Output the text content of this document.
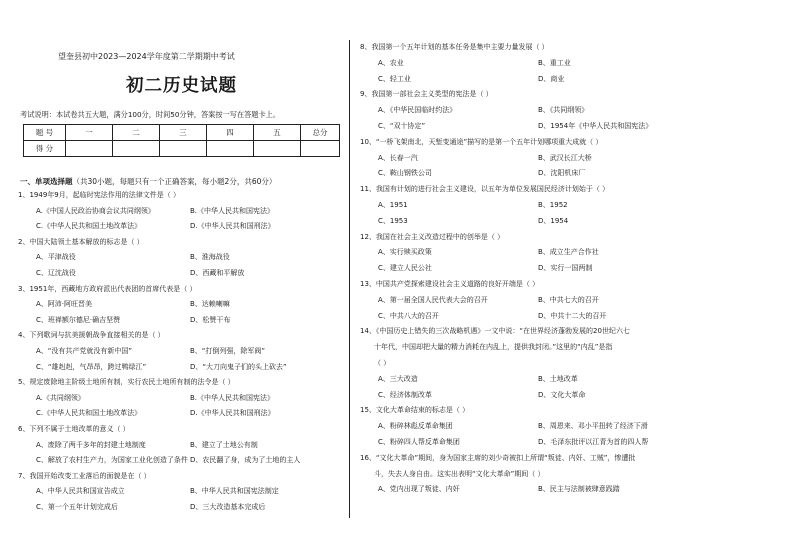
望奎县初中2023—2024学年度第二学期期中考试
初二历史试题
考试说明：本试卷共五大题，满分100分，时间50分钟，答案按一写在答题卡上。
题 号	一	二	三	四	五	总分
得 分						
一、单项选择题（共30小题，每题只有一个正确答案，每小题2分，共60分）
1、1949年9月，起临时宪法作用的法律文件是（ ）
A.《中国人民政治协商会议共同纲领》	B.《中华人民共和国宪法》
C.《中华人民共和国土地改革法》	D.《中华人民共和国刑法》
2、中国大陆领土基本解放的标志是（ ）
A、平津战役	B、淮海战役
C、辽沈战役	D、西藏和平解放
3、1951年，西藏地方政府派出代表团的首席代表是（ ）
A、阿沛·阿旺晋美	B、达赖喇嘛
C、班禅额尔德尼·确吉坚赞	D、松赞干布
4、下列歌词与抗美援朝战争直接相关的是（ ）
A、“没有共产党就没有新中国”	B、“打倒列强，除军阀”
C、“雄赳赳，气昂昂，跨过鸭绿江”	D、“大刀向鬼子们的头上砍去”
5、规定废除地主阶级土地所有制，实行农民土地所有制的法令是（ ）
A.《共同纲领》	B.《中华人民共和国宪法》
C.《中华人民共和国土地改革法》	D.《中华人民共和国刑法》
6、下列不属于土地改革的意义（ ）
A、废除了两千多年的封建土地制度	B、建立了土地公有制
C、解放了农村生产力，为国家工业化创造了条件 D、农民翻了身，成为了土地的主人
7、我国开始改变工业落后的面貌是在（ ）
A、中华人民共和国宣告成立	B、中华人民共和国宪法制定
C、第一个五年计划完成后	D、三大改造基本完成后
8、我国第一个五年计划的基本任务是集中主要力量发展（ ）
A、农业	B、重工业
C、轻工业	D、商业
9、我国第一部社会主义类型的宪法是（ ）
A、《中华民国临时约法》	B、《共同纲领》
C、“双十协定”	D、1954年《中华人民共和国宪法》
10、“一桥飞架南北，天堑变通途”描写的是第一个五年计划哪项重大成就（ ）
A、长春一汽	B、武汉长江大桥
C、鞍山钢铁公司	D、沈阳机床厂
11、我国有计划的进行社会主义建设，以五年为单位发展国民经济计划始于（ ）
A、1951	B、1952
C、1953	D、1954
12、我国在社会主义改造过程中的创举是（ ）
A、实行赎买政策	B、成立生产合作社
C、建立人民公社	D、实行一国两制
13、中国共产党探索建设社会主义道路的良好开端是（ ）
A、第一届全国人民代表大会的召开	B、中共七大的召开
C、中共八大的召开	D、中共十二大的召开
14、《中国历史上错失的三次战略机遇》一文中说：“在世界经济蓬勃发展的20世纪六七
十年代，中国却把大量的精力消耗在内乱上，提供我封闭。”这里的“内乱”是指
（ ）
A、三大改造	B、土地改革
C、经济体制改革	D、文化大革命
15、文化大革命结束的标志是（ ）
A、粉碎林彪反革命集团	B、周恩来、邓小平扭转了经济下滑
C、粉碎四人帮反革命集团	D、毛泽东批评以江青为首的四人帮
16、“文化大革命”期间，身为国家主席的刘少奇被扣上所谓“叛徒、内奸、工贼”，惨遭批
斗，失去人身自由。这实出表明“文化大革命”期间（ ）
A、党内出现了叛徒、内奸	B、民主与法制被肆意践踏
